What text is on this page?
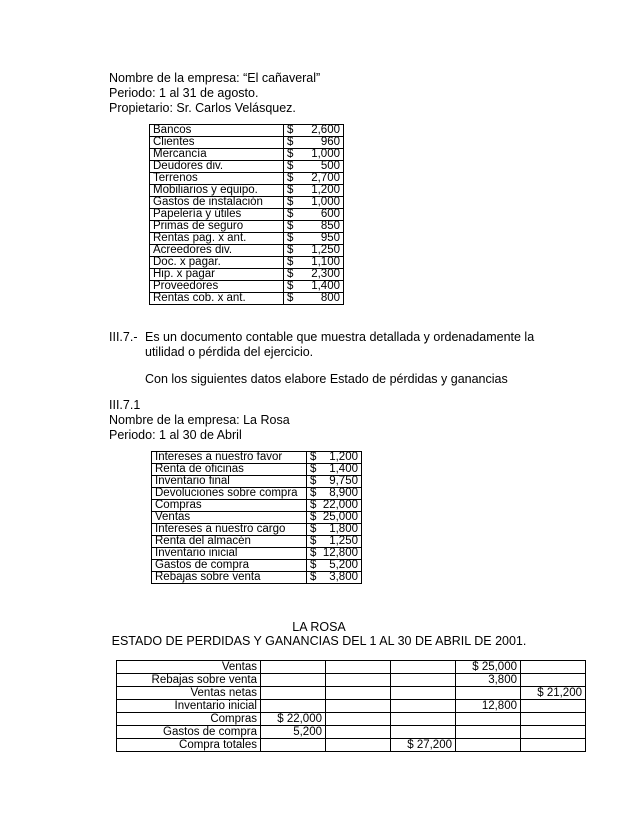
Nombre de la empresa: “El cañaveral”
Periodo: 1 al 31 de agosto.
Propietario: Sr. Carlos Velásquez.
Bancos	$ 2,600

Clientes	$ 960

Mercancía	$ 1,000

Deudores div.	$ 500

Terrenos	$ 2,700

Mobiliarios y equipo.	$ 1,200

Gastos de instalación	$ 1,000

Papelería y útiles	$ 600

Primas de seguro	$ 850

Rentas pag. x ant.	$ 950

Acreedores div.	$ 1,250

Doc. x pagar.	$ 1,100

Hip. x pagar	$ 2,300

Proveedores	$ 1,400

Rentas cob. x ant.	$ 800
III.7.- Es un documento contable que muestra detallada y ordenadamente la
utilidad o pérdida del ejercicio.
Con los siguientes datos elabore Estado de pérdidas y ganancias
III.7.1
Nombre de la empresa: La Rosa
Periodo: 1 al 30 de Abril
Intereses a nuestro favor	$ 1,200

Renta de oficinas	$ 1,400

Inventario final	$ 9,750

Devoluciones sobre compra	$ 8,900

Compras	$ 22,000

Ventas	$ 25,000

Intereses a nuestro cargo	$ 1,800

Renta del almacén	$ 1,250

Inventario inicial	$ 12,800

Gastos de compra	$ 5,200

Rebajas sobre venta	$ 3,800
LA ROSA
ESTADO DE PERDIDAS Y GANANCIAS DEL 1 AL 30 DE ABRIL DE 2001.
Ventas				$ 25,000	
Rebajas sobre venta				3,800	
Ventas netas					$ 21,200
Inventario inicial				12,800	
Compras	$ 22,000				
Gastos de compra	5,200				
Compra totales			$ 27,200		
